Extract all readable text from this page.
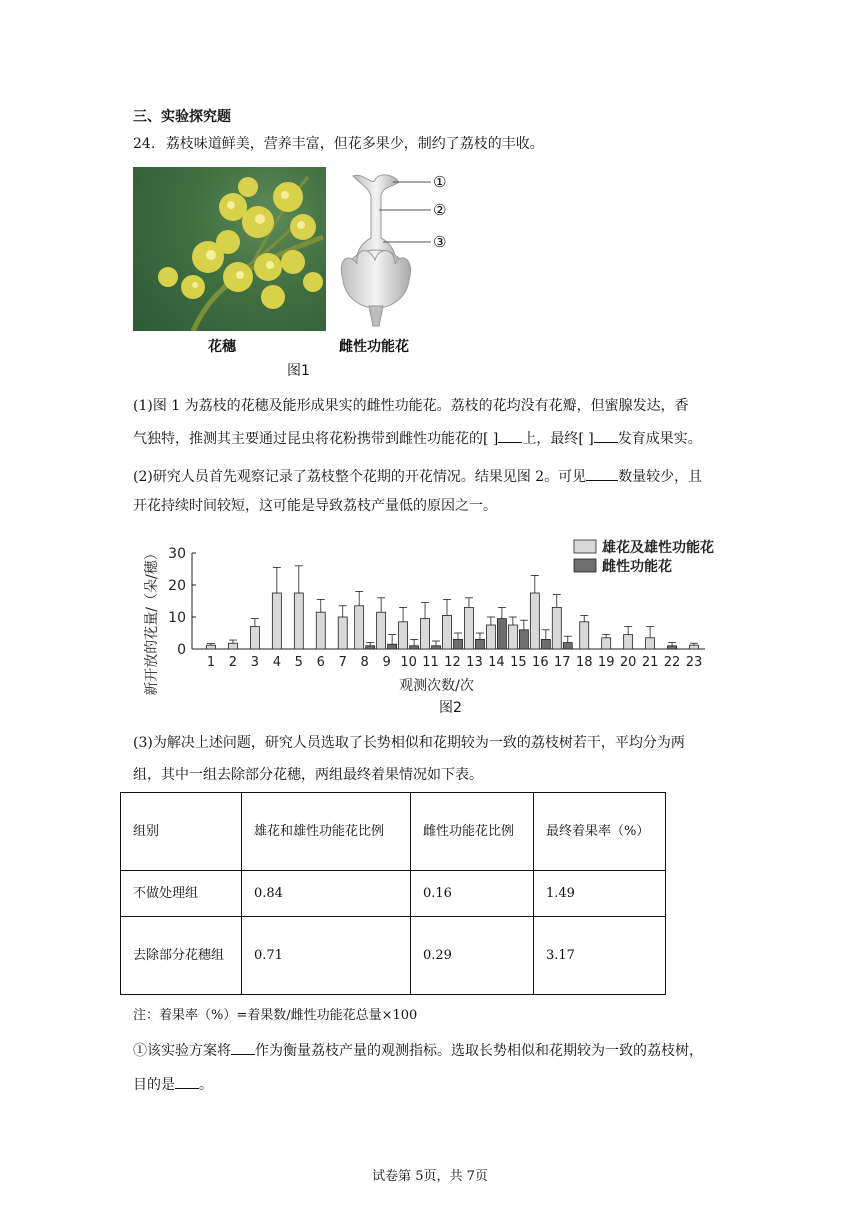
三、实验探究题
24. 荔枝味道鲜美，营养丰富，但花多果少，制约了荔枝的丰收。
花穗
①
②
③
雌性功能花
图1
(1)图 1 为荔枝的花穗及能形成果实的雌性功能花。荔枝的花均没有花瓣，但蜜腺发达，香
气独特，推测其主要通过昆虫将花粉携带到雌性功能花的[ ] 上，最终[ ] 发育成果实。
(2)研究人员首先观察记录了荔枝整个花期的开花情况。结果见图 2。可见 数量较少，且
开花持续时间较短，这可能是导致荔枝产量低的原因之一。
0
10
20
30
新开放的花量/（朵/穗）	观测次数/次
1 2 3 4 5 6 7 8 9 10 11 12 13 14 15 16 17 18 19 20 21 22 23
雄花及雄性功能花
雌性功能花
图2
(3)为解决上述问题，研究人员选取了长势相似和花期较为一致的荔枝树若干，平均分为两
组，其中一组去除部分花穗，两组最终着果情况如下表。
组别	雄花和雄性功能花比例	雌性功能花比例	最终着果率（%）
不做处理组	0.84	0.16	1.49
去除部分花穗组	0.71	0.29	3.17
注：着果率（%）=着果数/雌性功能花总量×100
①该实验方案将 作为衡量荔枝产量的观测指标。选取长势相似和花期较为一致的荔枝树，
目的是 。
试卷第 5页，共 7页
